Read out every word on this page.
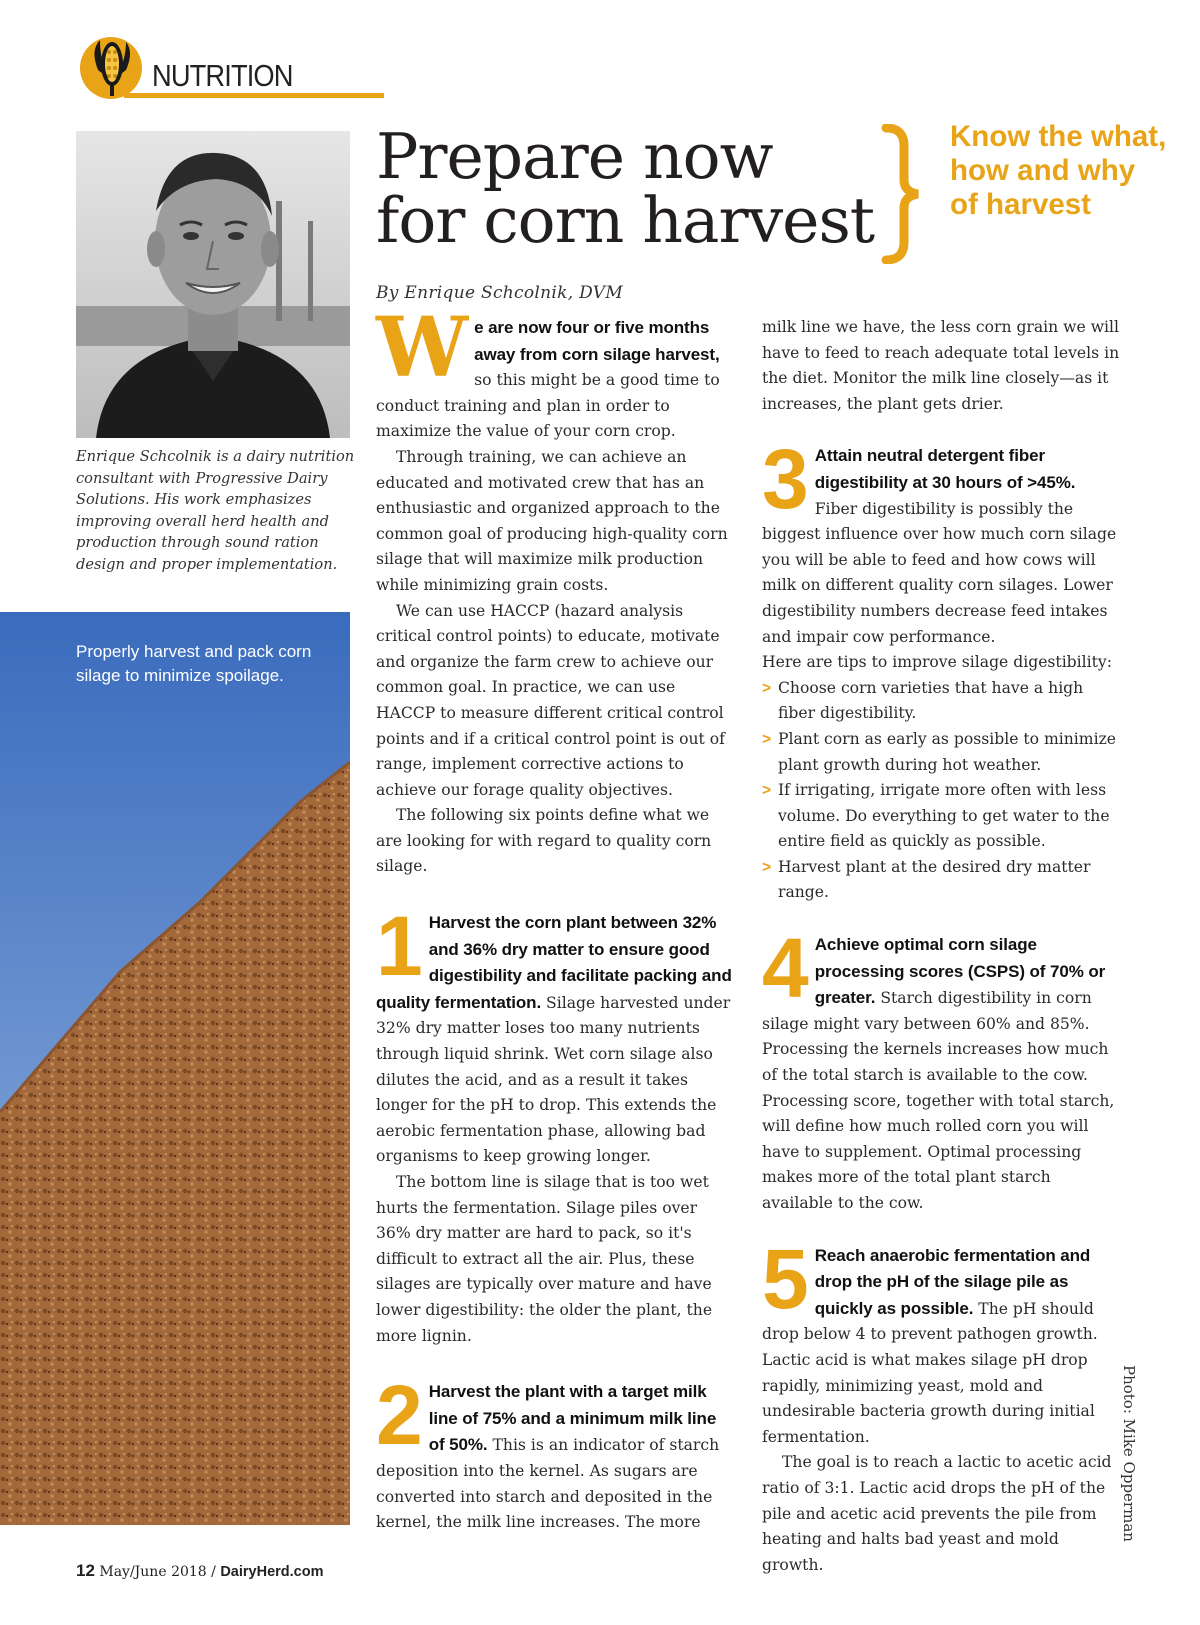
NUTRITION
Enrique Schcolnik is a dairy nutrition consultant with Progressive Dairy Solutions. His work emphasizes improving overall herd health and production through sound ration design and proper implementation.
Properly harvest and pack corn silage to minimize spoilage.
Prepare now
for corn harvest
Know the what, how and why of harvest
By Enrique Schcolnik, DVM

We are now four or five months away from corn silage harvest, so this might be a good time to conduct training and plan in order to maximize the value of your corn crop.

Through training, we can achieve an educated and motivated crew that has an enthusiastic and organized approach to the common goal of producing high-quality corn silage that will maximize milk production while minimizing grain costs.

We can use HACCP (hazard analysis critical control points) to educate, motivate and organize the farm crew to achieve our common goal. In practice, we can use HACCP to measure different critical control points and if a critical control point is out of range, implement corrective actions to achieve our forage quality objectives.

The following six points define what we are looking for with regard to quality corn silage.

1 Harvest the corn plant between 32% and 36% dry matter to ensure good digestibility and facilitate packing and quality fermentation. Silage harvested under 32% dry matter loses too many nutrients through liquid shrink. Wet corn silage also dilutes the acid, and as a result it takes longer for the pH to drop. This extends the aerobic fermentation phase, allowing bad organisms to keep growing longer.

The bottom line is silage that is too wet hurts the fermentation. Silage piles over 36% dry matter are hard to pack, so it's difficult to extract all the air. Plus, these silages are typically over mature and have lower digestibility: the older the plant, the more lignin.

2 Harvest the plant with a target milk line of 75% and a minimum milk line of 50%. This is an indicator of starch deposition into the kernel. As sugars are converted into starch and deposited in the kernel, the milk line increases. The more

milk line we have, the less corn grain we will have to feed to reach adequate total levels in the diet. Monitor the milk line closely—as it increases, the plant gets drier.

3 Attain neutral detergent fiber digestibility at 30 hours of >45%. Fiber digestibility is possibly the biggest influence over how much corn silage you will be able to feed and how cows will milk on different quality corn silages. Lower digestibility numbers decrease feed intakes and impair cow performance.

Here are tips to improve silage digestibility:

> Choose corn varieties that have a high fiber digestibility.
> Plant corn as early as possible to minimize plant growth during hot weather.
> If irrigating, irrigate more often with less volume. Do everything to get water to the entire field as quickly as possible.
> Harvest plant at the desired dry matter range.

4 Achieve optimal corn silage processing scores (CSPS) of 70% or greater. Starch digestibility in corn silage might vary between 60% and 85%. Processing the kernels increases how much of the total starch is available to the cow. Processing score, together with total starch, will define how much rolled corn you will have to supplement. Optimal processing makes more of the total plant starch available to the cow.

5 Reach anaerobic fermentation and drop the pH of the silage pile as quickly as possible. The pH should drop below 4 to prevent pathogen growth. Lactic acid is what makes silage pH drop rapidly, minimizing yeast, mold and undesirable bacteria growth during initial fermentation.

The goal is to reach a lactic to acetic acid ratio of 3:1. Lactic acid drops the pH of the pile and acetic acid prevents the pile from heating and halts bad yeast and mold growth.

Photo: Mike Opperman
12 May/June 2018 / DairyHerd.com
